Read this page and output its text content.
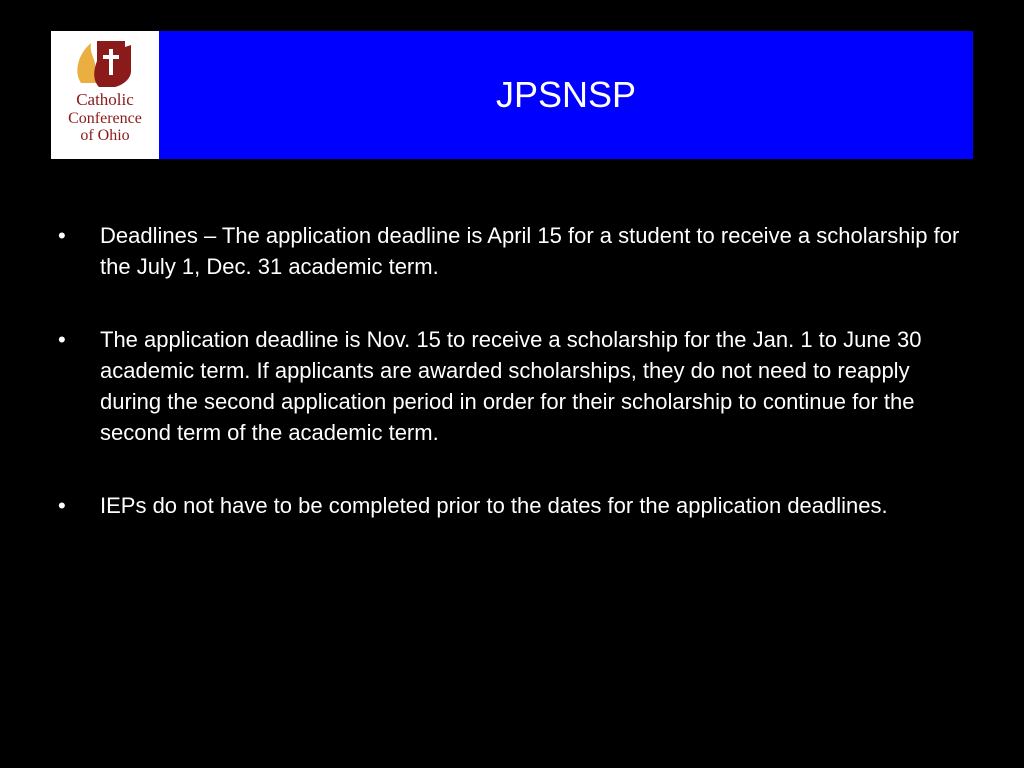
Catholic
Conference
of Ohio
JPSNSP
•	Deadlines – The application deadline is April 15 for a student to receive a scholarship for the July 1, Dec. 31 academic term.
•	The application deadline is Nov. 15 to receive a scholarship for the Jan. 1 to June 30 academic term. If applicants are awarded scholarships, they do not need to reapply during the second application period in order for their scholarship to continue for the second term of the academic term.
•	IEPs do not have to be completed prior to the dates for the application deadlines.
